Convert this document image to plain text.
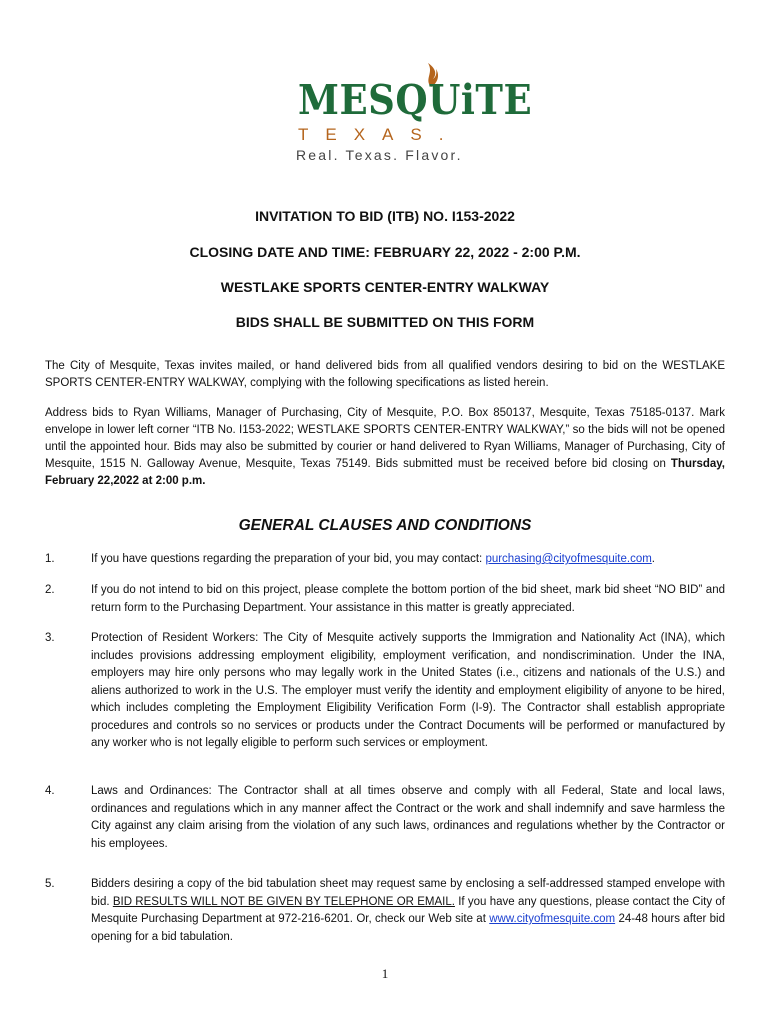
MESQUiTE
TEXAS.
Real. Texas. Flavor.
INVITATION TO BID (ITB) NO. I153-2022
CLOSING DATE AND TIME: FEBRUARY 22, 2022 - 2:00 P.M.
WESTLAKE SPORTS CENTER-ENTRY WALKWAY
BIDS SHALL BE SUBMITTED ON THIS FORM
The City of Mesquite, Texas invites mailed, or hand delivered bids from all qualified vendors desiring to bid on the WESTLAKE SPORTS CENTER-ENTRY WALKWAY, complying with the following specifications as listed herein.
Address bids to Ryan Williams, Manager of Purchasing, City of Mesquite, P.O. Box 850137, Mesquite, Texas 75185-0137. Mark envelope in lower left corner “ITB No. I153-2022; WESTLAKE SPORTS CENTER-ENTRY WALKWAY,” so the bids will not be opened until the appointed hour. Bids may also be submitted by courier or hand delivered to Ryan Williams, Manager of Purchasing, City of Mesquite, 1515 N. Galloway Avenue, Mesquite, Texas 75149. Bids submitted must be received before bid closing on Thursday, February 22,2022 at 2:00 p.m.
GENERAL CLAUSES AND CONDITIONS
1.	If you have questions regarding the preparation of your bid, you may contact: purchasing@cityofmesquite.com.
2.	If you do not intend to bid on this project, please complete the bottom portion of the bid sheet, mark bid sheet “NO BID” and return form to the Purchasing Department. Your assistance in this matter is greatly appreciated.
3.	Protection of Resident Workers: The City of Mesquite actively supports the Immigration and Nationality Act (INA), which includes provisions addressing employment eligibility, employment verification, and nondiscrimination. Under the INA, employers may hire only persons who may legally work in the United States (i.e., citizens and nationals of the U.S.) and aliens authorized to work in the U.S. The employer must verify the identity and employment eligibility of anyone to be hired, which includes completing the Employment Eligibility Verification Form (I-9). The Contractor shall establish appropriate procedures and controls so no services or products under the Contract Documents will be performed or manufactured by any worker who is not legally eligible to perform such services or employment.
4.	Laws and Ordinances: The Contractor shall at all times observe and comply with all Federal, State and local laws, ordinances and regulations which in any manner affect the Contract or the work and shall indemnify and save harmless the City against any claim arising from the violation of any such laws, ordinances and regulations whether by the Contractor or his employees.
5.	Bidders desiring a copy of the bid tabulation sheet may request same by enclosing a self-addressed stamped envelope with bid. BID RESULTS WILL NOT BE GIVEN BY TELEPHONE OR EMAIL. If you have any questions, please contact the City of Mesquite Purchasing Department at 972-216-6201. Or, check our Web site at www.cityofmesquite.com 24-48 hours after bid opening for a bid tabulation.
1
